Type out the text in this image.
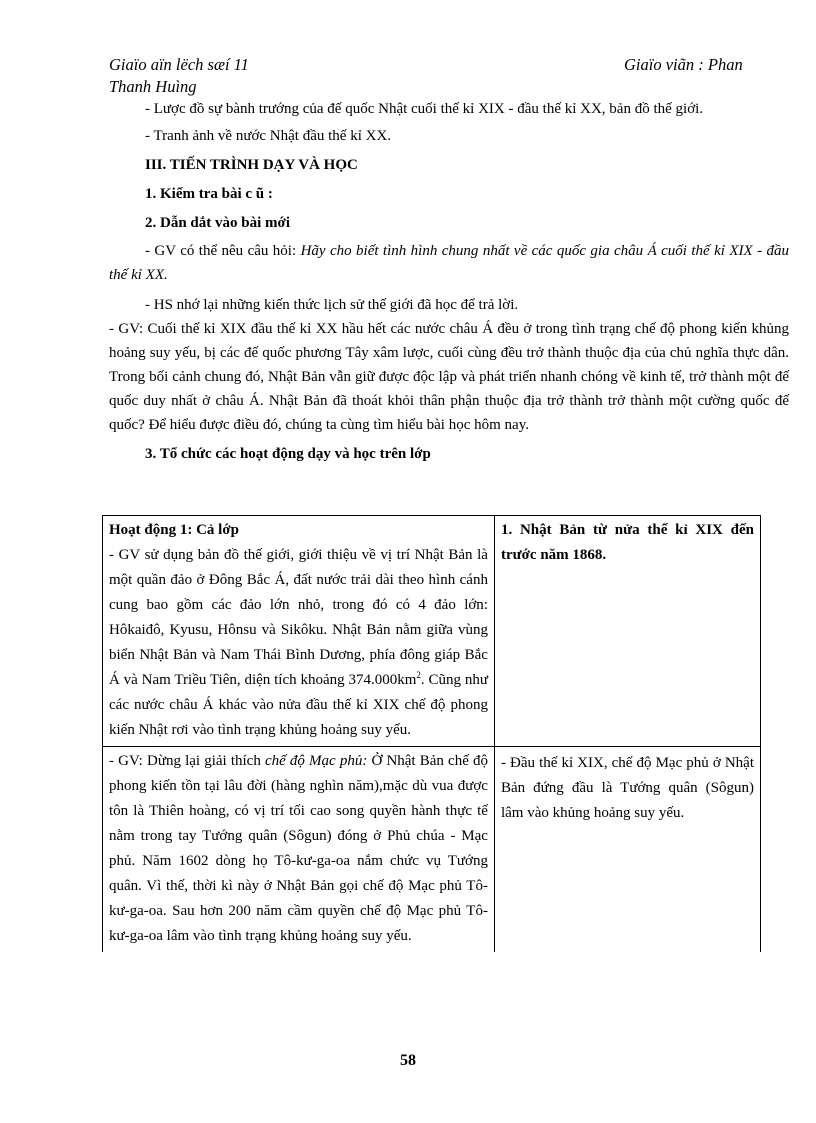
Giaïo aïn lëch sæí 11	Giaïo viãn : Phan
Thanh Huìng

- Lược đồ sự bành trướng của đế quốc Nhật cuối thế kỉ XIX - đầu thế kỉ XX, bản đồ thế giới.

- Tranh ảnh về nước Nhật đầu thế kỉ XX.

III. TIẾN TRÌNH DẠY VÀ HỌC

1. Kiểm tra bài c ũ :

2. Dẫn dắt vào bài mới

- GV có thể nêu câu hỏi: Hãy cho biết tình hình chung nhất về các quốc gia châu Á cuối thế kỉ XIX - đầu thế kỉ XX.

- HS nhớ lại những kiến thức lịch sử thế giới đã học để trả lời.

- GV: Cuối thế kỉ XIX đầu thế kỉ XX hầu hết các nước châu Á đều ở trong tình trạng chế độ phong kiến khủng hoảng suy yếu, bị các đế quốc phương Tây xâm lược, cuối cùng đều trở thành thuộc địa của chủ nghĩa thực dân. Trong bối cảnh chung đó, Nhật Bản vẫn giữ được độc lập và phát triển nhanh chóng về kinh tế, trở thành một đế quốc duy nhất ở châu Á. Nhật Bản đã thoát khỏi thân phận thuộc địa trở thành trở thành một cường quốc đế quốc? Để hiểu được điều đó, chúng ta cùng tìm hiểu bài học hôm nay.

3. Tổ chức các hoạt động dạy và học trên lớp

Hoạt động 1: Cả lớp
- GV sử dụng bản đồ thế giới, giới thiệu về vị trí Nhật Bản là một quần đảo ở Đông Bắc Á, đất nước trải dài theo hình cánh cung bao gồm các đảo lớn nhỏ, trong đó có 4 đảo lớn: Hôkaiđô, Kyusu, Hônsu và Sikôku. Nhật Bản nằm giữa vùng biển Nhật Bản và Nam Thái Bình Dương, phía đông giáp Bắc Á và Nam Triều Tiên, diện tích khoảng $374.000km^2$. Cũng như các nước châu Á khác vào nửa đầu thế kỉ XIX chế độ phong kiến Nhật rơi vào tình trạng khủng hoảng suy yếu.	1. Nhật Bản từ nửa thế kỉ XIX đến trước năm 1868.

- GV: Dừng lại giải thích chế độ Mạc phủ: Ở Nhật Bản chế độ phong kiến tồn tại lâu đời (hàng nghìn năm),mặc dù vua được tôn là Thiên hoàng, có vị trí tối cao song quyền hành thực tế nằm trong tay Tướng quân (Sôgun) đóng ở Phủ chúa - Mạc phủ. Năm 1602 dòng họ Tô-kư-ga-oa nắm chức vụ Tướng quân. Vì thế, thời kì này ở Nhật Bản gọi chế độ Mạc phủ Tô-kư-ga-oa. Sau hơn 200 năm cầm quyền chế độ Mạc phủ Tô-kư-ga-oa lâm vào tình trạng khủng hoảng suy yếu.	- Đầu thế kỉ XIX, chế độ Mạc phủ ở Nhật Bản đứng đầu là Tướng quân (Sôgun) lâm vào khủng hoảng suy yếu.
58
